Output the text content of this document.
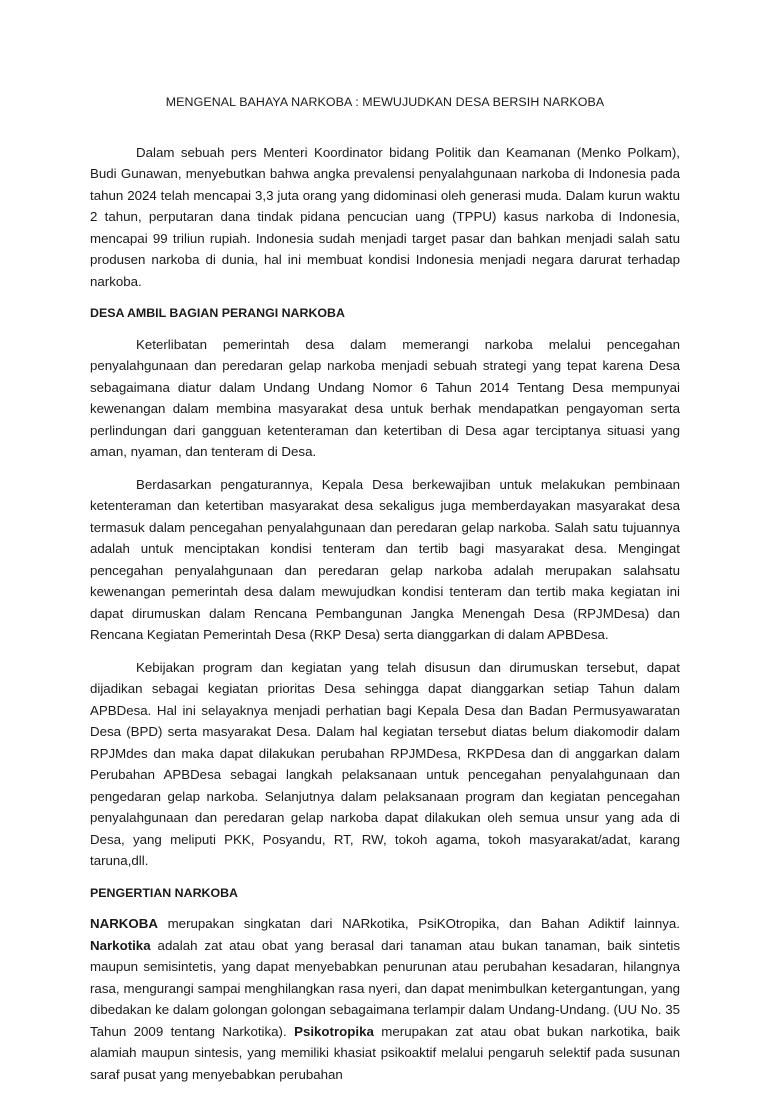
MENGENAL BAHAYA NARKOBA : MEWUJUDKAN DESA BERSIH NARKOBA

Dalam sebuah pers Menteri Koordinator bidang Politik dan Keamanan (Menko Polkam), Budi Gunawan, menyebutkan bahwa angka prevalensi penyalahgunaan narkoba di Indonesia pada tahun 2024 telah mencapai 3,3 juta orang yang didominasi oleh generasi muda. Dalam kurun waktu 2 tahun, perputaran dana tindak pidana pencucian uang (TPPU) kasus narkoba di Indonesia, mencapai 99 triliun rupiah. Indonesia sudah menjadi target pasar dan bahkan menjadi salah satu produsen narkoba di dunia, hal ini membuat kondisi Indonesia menjadi negara darurat terhadap narkoba.

DESA AMBIL BAGIAN PERANGI NARKOBA

Keterlibatan pemerintah desa dalam memerangi narkoba melalui pencegahan penyalahgunaan dan peredaran gelap narkoba menjadi sebuah strategi yang tepat karena Desa sebagaimana diatur dalam Undang Undang Nomor 6 Tahun 2014 Tentang Desa mempunyai kewenangan dalam membina masyarakat desa untuk berhak mendapatkan pengayoman serta perlindungan dari gangguan ketenteraman dan ketertiban di Desa agar terciptanya situasi yang aman, nyaman, dan tenteram di Desa.

Berdasarkan pengaturannya, Kepala Desa berkewajiban untuk melakukan pembinaan ketenteraman dan ketertiban masyarakat desa sekaligus juga memberdayakan masyarakat desa termasuk dalam pencegahan penyalahgunaan dan peredaran gelap narkoba. Salah satu tujuannya adalah untuk menciptakan kondisi tenteram dan tertib bagi masyarakat desa. Mengingat pencegahan penyalahgunaan dan peredaran gelap narkoba adalah merupakan salahsatu kewenangan pemerintah desa dalam mewujudkan kondisi tenteram dan tertib maka kegiatan ini dapat dirumuskan dalam Rencana Pembangunan Jangka Menengah Desa (RPJMDesa) dan Rencana Kegiatan Pemerintah Desa (RKP Desa) serta dianggarkan di dalam APBDesa.

Kebijakan program dan kegiatan yang telah disusun dan dirumuskan tersebut, dapat dijadikan sebagai kegiatan prioritas Desa sehingga dapat dianggarkan setiap Tahun dalam APBDesa. Hal ini selayaknya menjadi perhatian bagi Kepala Desa dan Badan Permusyawaratan Desa (BPD) serta masyarakat Desa. Dalam hal kegiatan tersebut diatas belum diakomodir dalam RPJMdes dan maka dapat dilakukan perubahan RPJMDesa, RKPDesa dan di anggarkan dalam Perubahan APBDesa sebagai langkah pelaksanaan untuk pencegahan penyalahgunaan dan pengedaran gelap narkoba. Selanjutnya dalam pelaksanaan program dan kegiatan pencegahan penyalahgunaan dan peredaran gelap narkoba dapat dilakukan oleh semua unsur yang ada di Desa, yang meliputi PKK, Posyandu, RT, RW, tokoh agama, tokoh masyarakat/adat, karang taruna,dll.

PENGERTIAN NARKOBA

NARKOBA merupakan singkatan dari NARkotika, PsiKOtropika, dan Bahan Adiktif lainnya. Narkotika adalah zat atau obat yang berasal dari tanaman atau bukan tanaman, baik sintetis maupun semisintetis, yang dapat menyebabkan penurunan atau perubahan kesadaran, hilangnya rasa, mengurangi sampai menghilangkan rasa nyeri, dan dapat menimbulkan ketergantungan, yang dibedakan ke dalam golongan golongan sebagaimana terlampir dalam Undang-Undang. (UU No. 35 Tahun 2009 tentang Narkotika). Psikotropika merupakan zat atau obat bukan narkotika, baik alamiah maupun sintesis, yang memiliki khasiat psikoaktif melalui pengaruh selektif pada susunan saraf pusat yang menyebabkan perubahan
